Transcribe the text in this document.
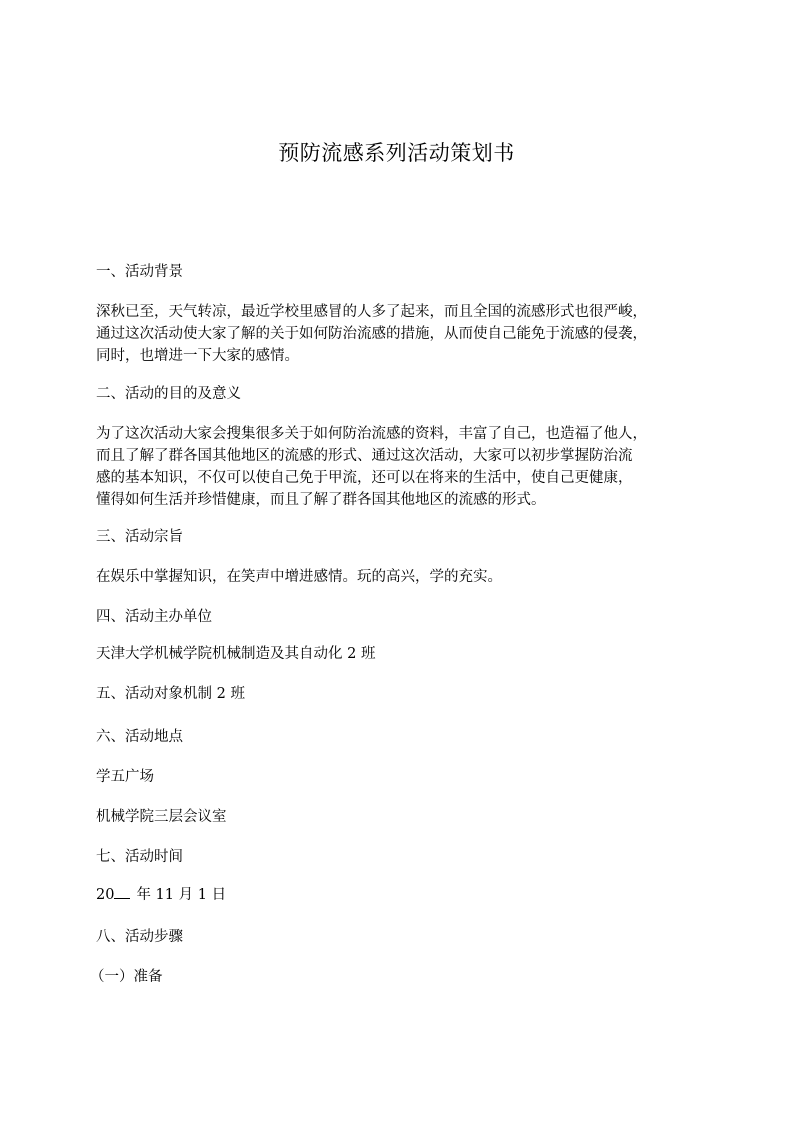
预防流感系列活动策划书
一、活动背景
深秋已至，天气转凉，最近学校里感冒的人多了起来，而且全国的流感形式也很严峻，
通过这次活动使大家了解的关于如何防治流感的措施，从而使自己能免于流感的侵袭，
同时，也增进一下大家的感情。
二、活动的目的及意义
为了这次活动大家会搜集很多关于如何防治流感的资料，丰富了自己，也造福了他人，
而且了解了群各国其他地区的流感的形式、通过这次活动，大家可以初步掌握防治流
感的基本知识，不仅可以使自己免于甲流，还可以在将来的生活中，使自己更健康，
懂得如何生活并珍惜健康，而且了解了群各国其他地区的流感的形式。
三、活动宗旨
在娱乐中掌握知识，在笑声中增进感情。玩的高兴，学的充实。
四、活动主办单位
天津大学机械学院机械制造及其自动化 2 班
五、活动对象机制 2 班
六、活动地点
学五广场
机械学院三层会议室
七、活动时间
20 年 11 月 1 日
八、活动步骤
（一）准备
